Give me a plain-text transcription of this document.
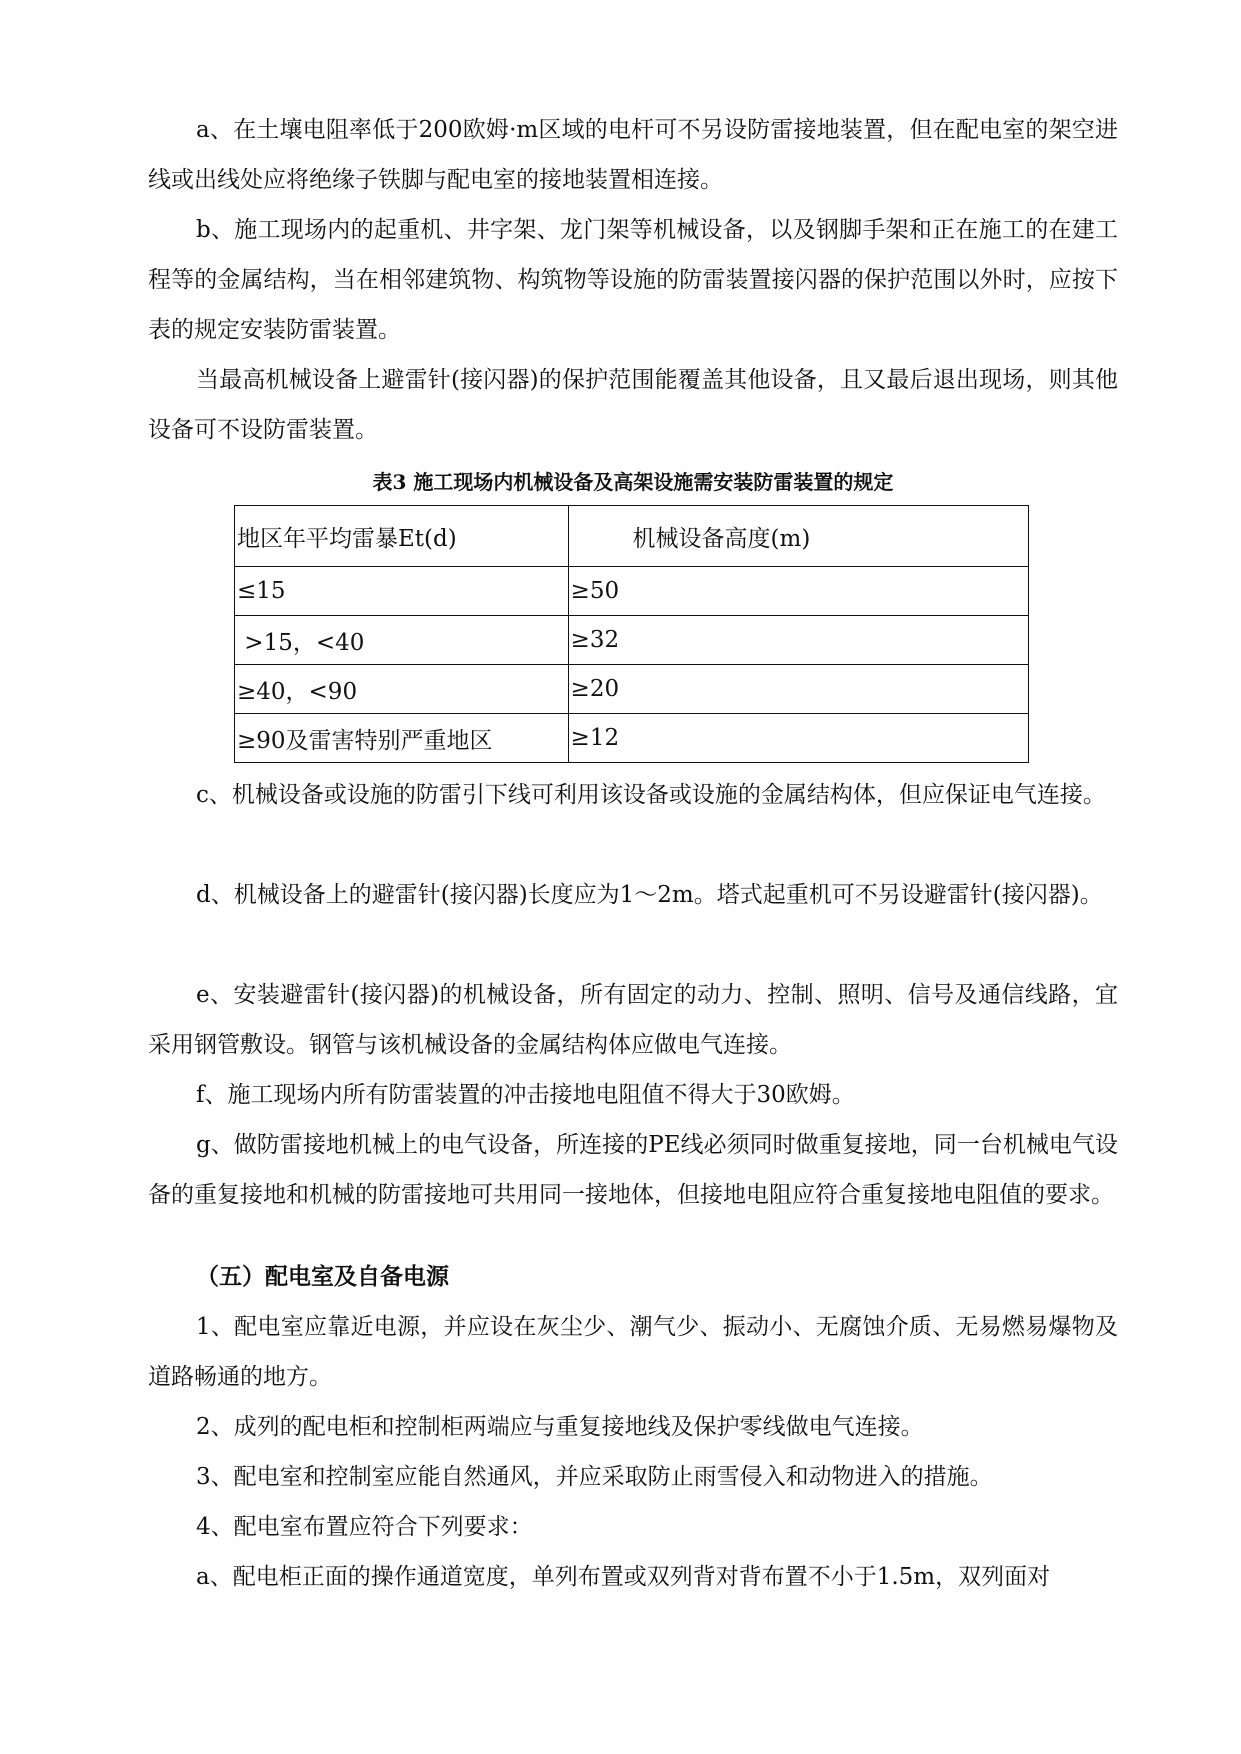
a、在土壤电阻率低于200欧姆·m区域的电杆可不另设防雷接地装置，但在配电室的架空进线或出线处应将绝缘子铁脚与配电室的接地装置相连接。

b、施工现场内的起重机、井字架、龙门架等机械设备，以及钢脚手架和正在施工的在建工程等的金属结构，当在相邻建筑物、构筑物等设施的防雷装置接闪器的保护范围以外时，应按下表的规定安装防雷装置。

当最高机械设备上避雷针(接闪器)的保护范围能覆盖其他设备，且又最后退出现场，则其他设备可不设防雷装置。

表3 施工现场内机械设备及高架设施需安装防雷装置的规定

地区年平均雷暴Et(d)	机械设备高度(m)
≤15	≥50
>15，<40	≥32
≥40，<90	≥20
≥90及雷害特别严重地区	≥12

c、机械设备或设施的防雷引下线可利用该设备或设施的金属结构体，但应保证电气连接。

d、机械设备上的避雷针(接闪器)长度应为1～2m。塔式起重机可不另设避雷针(接闪器)。

e、安装避雷针(接闪器)的机械设备，所有固定的动力、控制、照明、信号及通信线路，宜采用钢管敷设。钢管与该机械设备的金属结构体应做电气连接。

f、施工现场内所有防雷装置的冲击接地电阻值不得大于30欧姆。

g、做防雷接地机械上的电气设备，所连接的PE线必须同时做重复接地，同一台机械电气设备的重复接地和机械的防雷接地可共用同一接地体，但接地电阻应符合重复接地电阻值的要求。

（五）配电室及自备电源

1、配电室应靠近电源，并应设在灰尘少、潮气少、振动小、无腐蚀介质、无易燃易爆物及道路畅通的地方。

2、成列的配电柜和控制柜两端应与重复接地线及保护零线做电气连接。

3、配电室和控制室应能自然通风，并应采取防止雨雪侵入和动物进入的措施。

4、配电室布置应符合下列要求：

a、配电柜正面的操作通道宽度，单列布置或双列背对背布置不小于1.5m，双列面对
